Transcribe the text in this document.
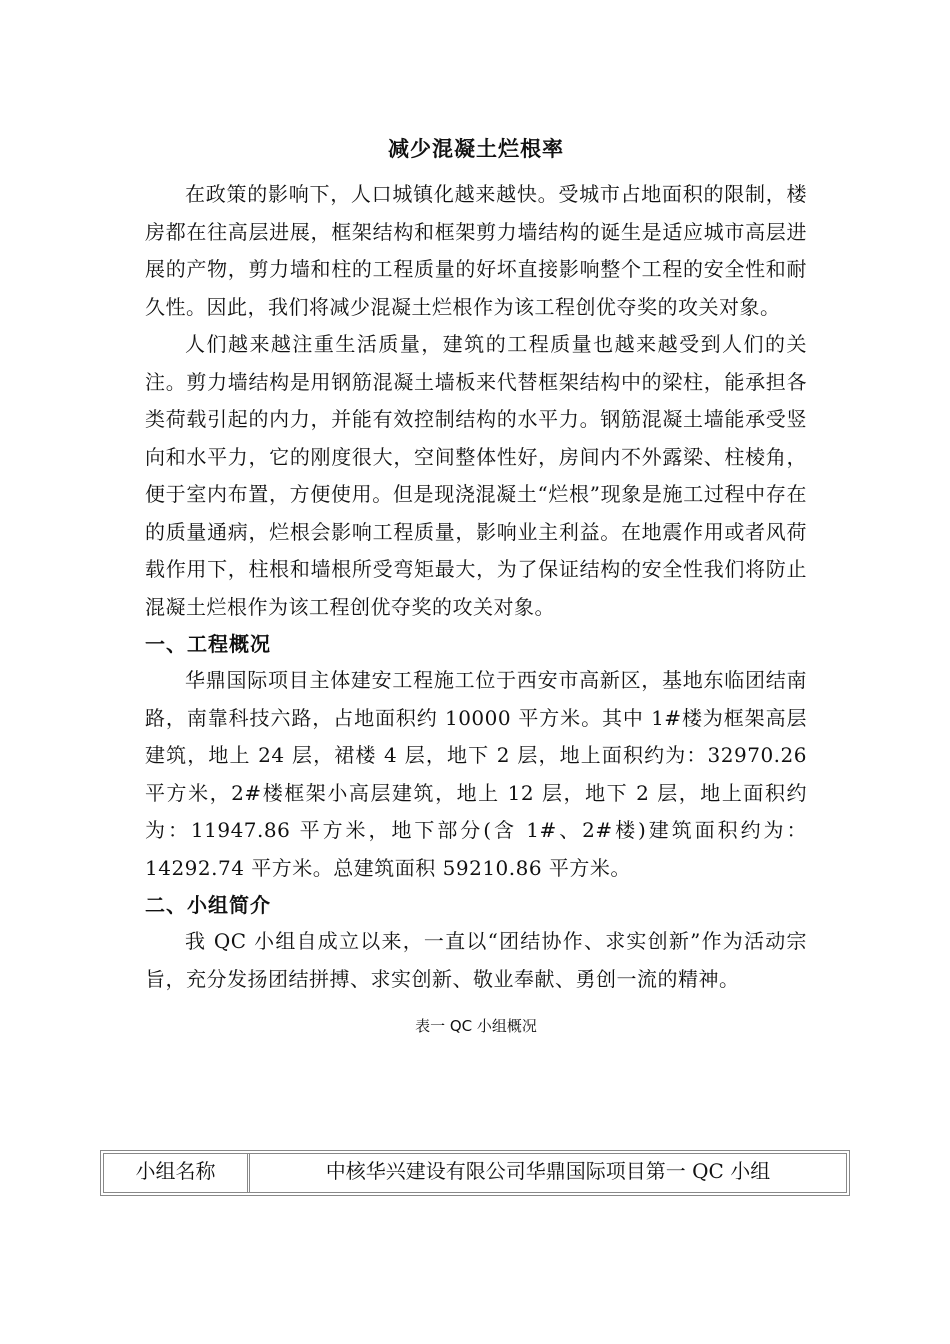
减少混凝土烂根率

在政策的影响下，人口城镇化越来越快。受城市占地面积的限制，楼房都在往高层进展，框架结构和框架剪力墙结构的诞生是适应城市高层进展的产物，剪力墙和柱的工程质量的好坏直接影响整个工程的安全性和耐久性。因此，我们将减少混凝土烂根作为该工程创优夺奖的攻关对象。

人们越来越注重生活质量，建筑的工程质量也越来越受到人们的关注。剪力墙结构是用钢筋混凝土墙板来代替框架结构中的梁柱，能承担各类荷载引起的内力，并能有效控制结构的水平力。钢筋混凝土墙能承受竖向和水平力，它的刚度很大，空间整体性好，房间内不外露梁、柱棱角，便于室内布置，方便使用。但是现浇混凝土“烂根”现象是施工过程中存在的质量通病，烂根会影响工程质量，影响业主利益。在地震作用或者风荷载作用下，柱根和墙根所受弯矩最大，为了保证结构的安全性我们将防止混凝土烂根作为该工程创优夺奖的攻关对象。

一、工程概况

华鼎国际项目主体建安工程施工位于西安市高新区，基地东临团结南路，南靠科技六路，占地面积约 10000 平方米。其中 1#楼为框架高层建筑，地上 24 层，裙楼 4 层，地下 2 层，地上面积约为：32970.26 平方米，2#楼框架小高层建筑，地上 12 层，地下 2 层，地上面积约为：11947.86 平方米，地下部分(含 1#、2#楼)建筑面积约为：14292.74 平方米。总建筑面积 59210.86 平方米。

二、小组简介

我 QC 小组自成立以来，一直以“团结协作、求实创新”作为活动宗旨，充分发扬团结拼搏、求实创新、敬业奉献、勇创一流的精神。

表一 QC 小组概况
小组名称	中核华兴建设有限公司华鼎国际项目第一 QC 小组
